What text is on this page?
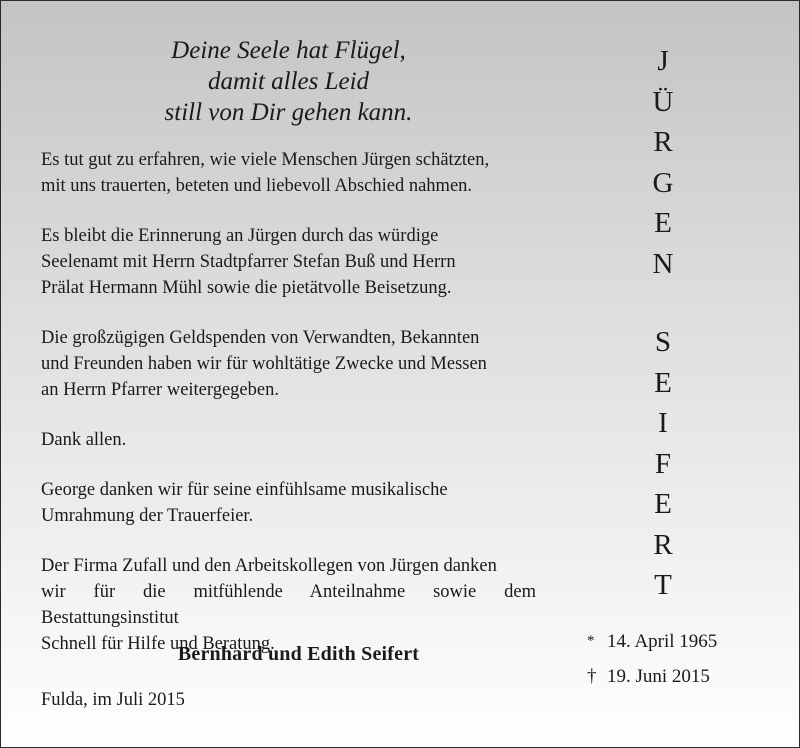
Deine Seele hat Flügel,
damit alles Leid
still von Dir gehen kann.

Es tut gut zu erfahren, wie viele Menschen Jürgen schätzten,
mit uns trauerten, beteten und liebevoll Abschied nahmen.

Es bleibt die Erinnerung an Jürgen durch das würdige
Seelenamt mit Herrn Stadtpfarrer Stefan Buß und Herrn
Prälat Hermann Mühl sowie die pietätvolle Beisetzung.

Die großzügigen Geldspenden von Verwandten, Bekannten
und Freunden haben wir für wohltätige Zwecke und Messen
an Herrn Pfarrer weitergegeben.

Dank allen.

George danken wir für seine einfühlsame musikalische
Umrahmung der Trauerfeier.

Der Firma Zufall und den Arbeitskollegen von Jürgen danken
wir für die mitfühlende Anteilnahme sowie dem Bestattungsinstitut
Schnell für Hilfe und Beratung.

Bernhard und Edith Seifert
Fulda, im Juli 2015
J
Ü
R
G
E
N
S
E
I
F
E
R
T
* 14. April 1965
† 19. Juni 2015
